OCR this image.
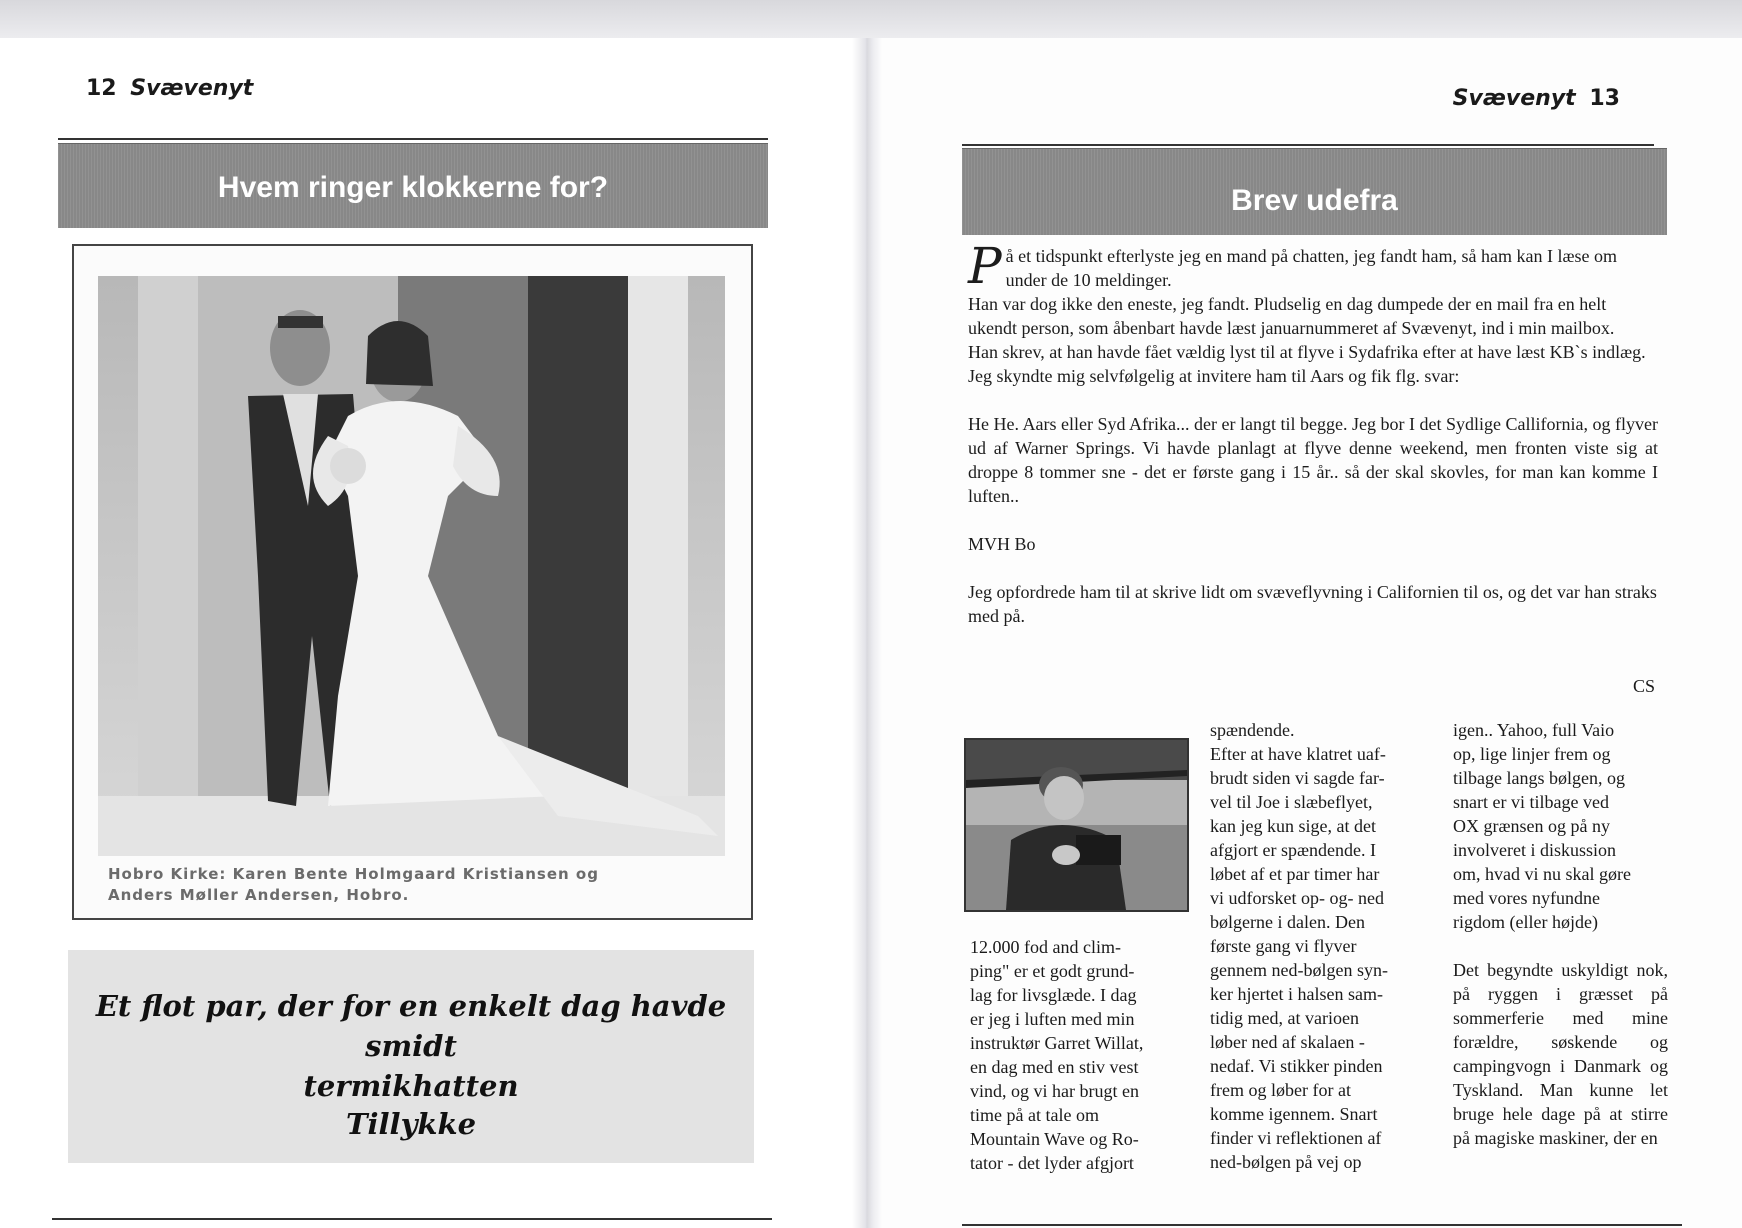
12 Svævenyt
Hvem ringer klokkerne for?
Hobro Kirke: Karen Bente Holmgaard Kristiansen og
Anders Møller Andersen, Hobro.
Et flot par, der for en enkelt dag havde smidt
termikhatten
Tillykke
Svævenyt 13
Brev udefra

På et tidspunkt efterlyste jeg en mand på chatten, jeg fandt ham, så ham kan I læse om under de 10 meldinger.

Han var dog ikke den eneste, jeg fandt. Pludselig en dag dumpede der en mail fra en helt ukendt person, som åbenbart havde læst januarnummeret af Svævenyt, ind i min mailbox.

Han skrev, at han havde fået vældig lyst til at flyve i Sydafrika efter at have læst KB`s indlæg.

Jeg skyndte mig selvfølgelig at invitere ham til Aars og fik flg. svar:

He He. Aars eller Syd Afrika... der er langt til begge. Jeg bor I det Sydlige Callifornia, og flyver ud af Warner Springs. Vi havde planlagt at flyve denne weekend, men fronten viste sig at droppe 8 tommer sne - det er første gang i 15 år.. så der skal skovles, for man kan komme I luften..

MVH Bo

Jeg opfordrede ham til at skrive lidt om svæveflyvning i Californien til os, og det var han straks med på.

CS

12.000 fod and clim-
ping" er et godt grund-
lag for livsglæde. I dag
er jeg i luften med min
instruktør Garret Willat,
en dag med en stiv vest
vind, og vi har brugt en
time på at tale om
Mountain Wave og Ro-
tator - det lyder afgjort

spændende.
Efter at have klatret uaf-
brudt siden vi sagde far-
vel til Joe i slæbeflyet,
kan jeg kun sige, at det
afgjort er spændende. I
løbet af et par timer har
vi udforsket op- og- ned
bølgerne i dalen. Den
første gang vi flyver
gennem ned-bølgen syn-
ker hjertet i halsen sam-
tidig med, at varioen
løber ned af skalaen -
nedaf. Vi stikker pinden
frem og løber for at
komme igennem. Snart
finder vi reflektionen af
ned-bølgen på vej op

igen.. Yahoo, full Vaio
op, lige linjer frem og
tilbage langs bølgen, og
snart er vi tilbage ved
OX grænsen og på ny
involveret i diskussion
om, hvad vi nu skal gøre
med vores nyfundne
rigdom (eller højde)

Det begyndte uskyldigt nok, på ryggen i græsset på sommerferie med mine forældre, søskende og campingvogn i Danmark og Tyskland. Man kunne let bruge hele dage på at stirre på magiske maskiner, der en
